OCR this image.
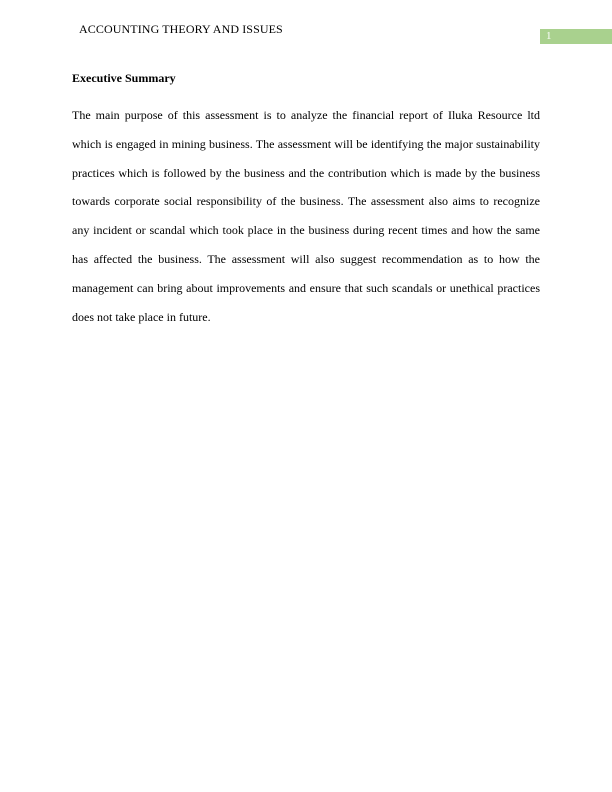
ACCOUNTING THEORY AND ISSUES	1
Executive Summary
The main purpose of this assessment is to analyze the financial report of Iluka Resource ltd
which is engaged in mining business. The assessment will be identifying the major sustainability
practices which is followed by the business and the contribution which is made by the business
towards corporate social responsibility of the business. The assessment also aims to recognize
any incident or scandal which took place in the business during recent times and how the same
has affected the business. The assessment will also suggest recommendation as to how the
management can bring about improvements and ensure that such scandals or unethical practices
does not take place in future.
